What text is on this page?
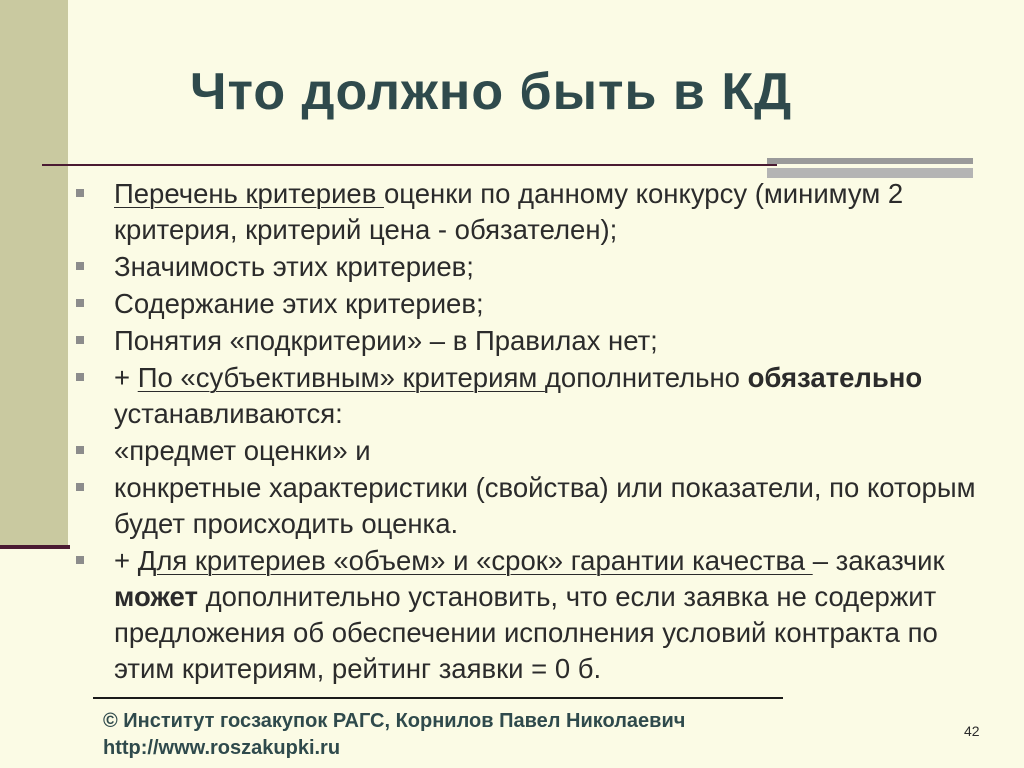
Что должно быть в КД
Перечень критериев оценки по данному конкурсу (минимум 2 критерия, критерий цена - обязателен);
Значимость этих критериев;
Содержание этих критериев;
Понятия «подкритерии» – в Правилах нет;
+ По «субъективным» критериям дополнительно обязательно устанавливаются:
«предмет оценки» и
конкретные характеристики (свойства) или показатели, по которым будет происходить оценка.
+ Для критериев «объем» и «срок» гарантии качества – заказчик может дополнительно установить, что если заявка не содержит предложения об обеспечении исполнения условий контракта по этим критериям, рейтинг заявки = 0 б.
© Институт госзакупок РАГС, Корнилов Павел Николаевич
http://www.roszakupki.ru
42
